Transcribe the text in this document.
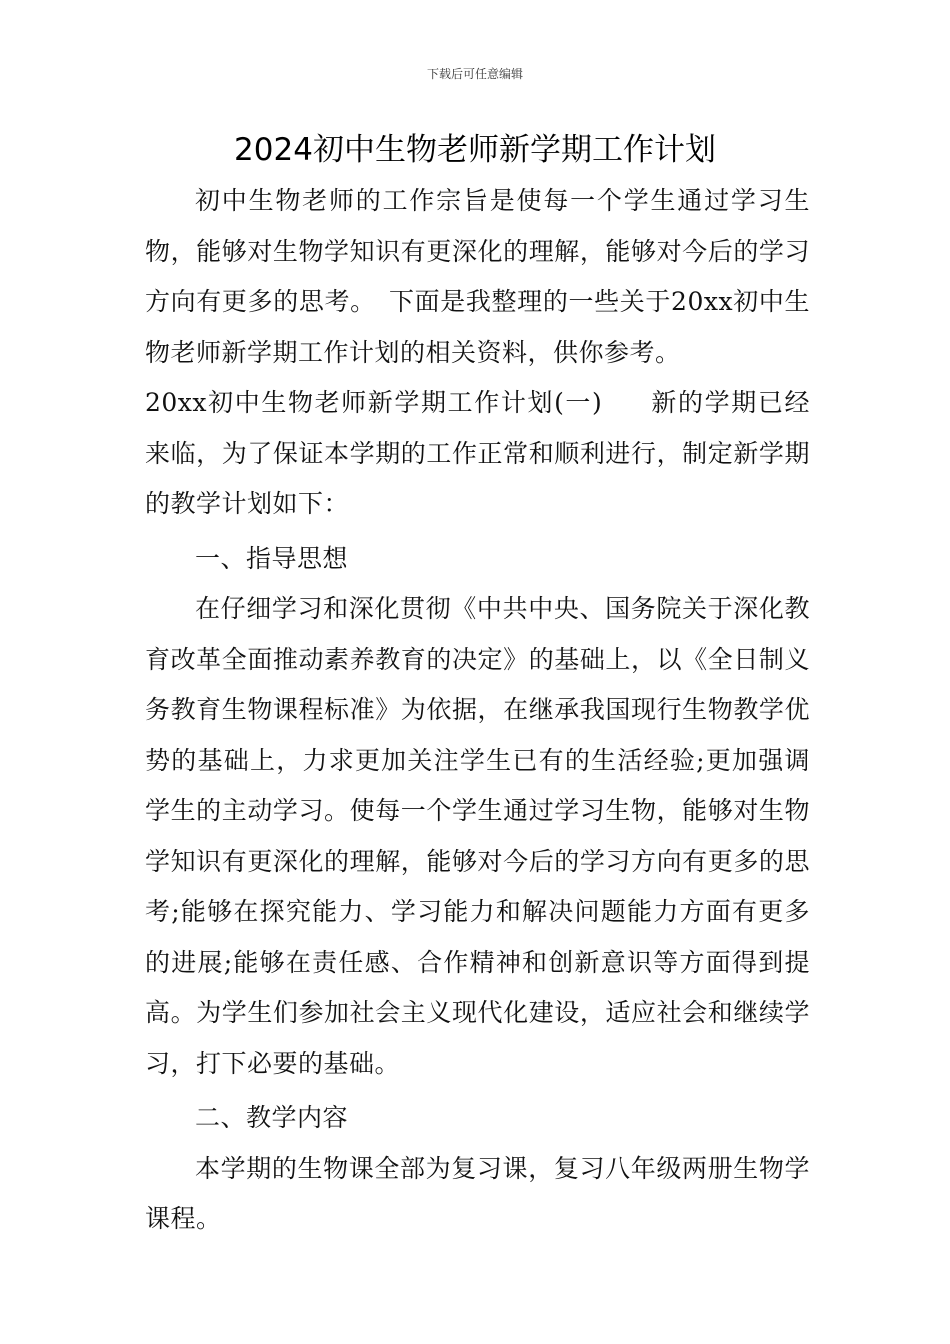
下载后可任意编辑
2024初中生物老师新学期工作计划

初中生物老师的工作宗旨是使每一个学生通过学习生物，能够对生物学知识有更深化的理解，能够对今后的学习方向有更多的思考。　下面是我整理的一些关于20xx初中生物老师新学期工作计划的相关资料，供你参考。

20xx初中生物老师新学期工作计划(一) 新的学期已经来临，为了保证本学期的工作正常和顺利进行，制定新学期的教学计划如下：

一、指导思想

在仔细学习和深化贯彻《中共中央、国务院关于深化教育改革全面推动素养教育的决定》的基础上，以《全日制义务教育生物课程标准》为依据，在继承我国现行生物教学优势的基础上，力求更加关注学生已有的生活经验;更加强调学生的主动学习。使每一个学生通过学习生物，能够对生物学知识有更深化的理解，能够对今后的学习方向有更多的思考;能够在探究能力、学习能力和解决问题能力方面有更多的进展;能够在责任感、合作精神和创新意识等方面得到提高。为学生们参加社会主义现代化建设，适应社会和继续学习，打下必要的基础。

二、教学内容

本学期的生物课全部为复习课，复习八年级两册生物学课程。
